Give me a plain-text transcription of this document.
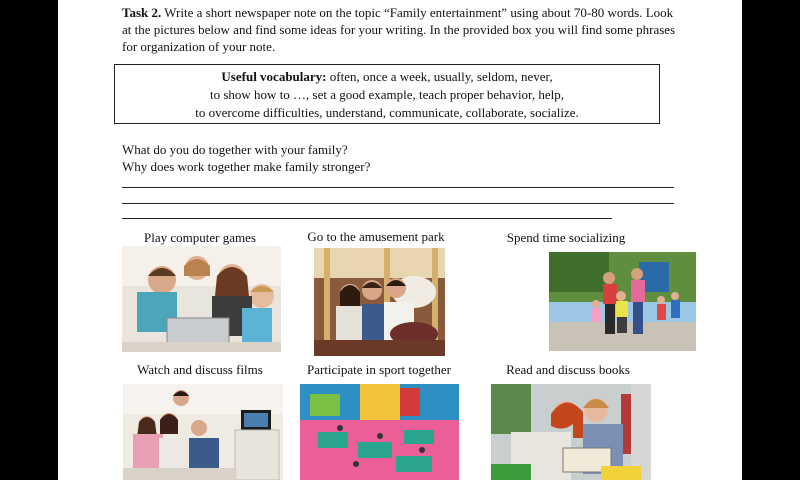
Task 2. Write a short newspaper note on the topic “Family entertainment” using about 70-80 words. Look at the pictures below and find some ideas for your writing. In the provided box you will find some phrases for organization of your note.
Useful vocabulary: often, once a week, usually, seldom, never,
to show how to …, set a good example, teach proper behavior, help,
to overcome difficulties, understand, communicate, collaborate, socialize.
What do you do together with your family?
Why does work together make family stronger?
Play computer games	Go to the amusement park	Spend time socializing
Watch and discuss films	Participate in sport together	Read and discuss books
